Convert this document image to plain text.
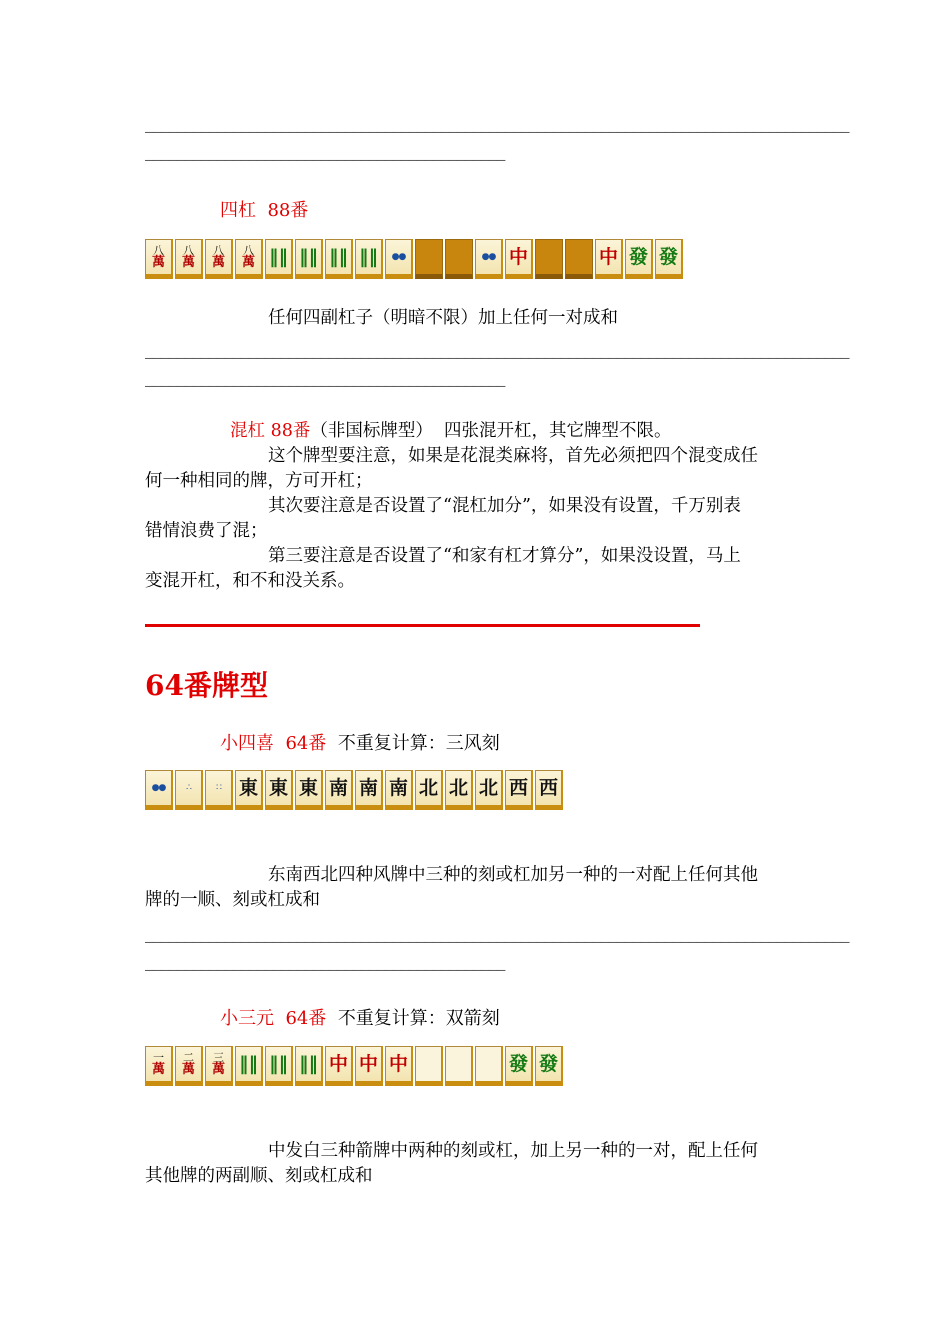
________________________________________________________________________________________
_____________________________________________
四杠 88番
八
萬
八
萬
八
萬
八
萬 ‖‖ ‖‖ ‖‖ ‖‖ ●●	●● 中	中 發 發
任何四副杠子（明暗不限）加上任何一对成和
________________________________________________________________________________________
_____________________________________________
混杠 88番（非国标牌型） 四张混开杠，其它牌型不限。
这个牌型要注意，如果是花混类麻将，首先必须把四个混变成任
何一种相同的牌，方可开杠；
其次要注意是否设置了“混杠加分”，如果没有设置，千万别表
错情浪费了混；
第三要注意是否设置了“和家有杠才算分”，如果没设置，马上
变混开杠，和不和没关系。
64番牌型
小四喜 64番 不重复计算：三风刻
●● ∴	∷ 東 東 東 南 南 南 北 北 北 西 西
东南西北四种风牌中三种的刻或杠加另一种的一对配上任何其他
牌的一顺、刻或杠成和
________________________________________________________________________________________
_____________________________________________
小三元 64番 不重复计算：双箭刻
一
萬
二
萬
三
萬 ‖‖ ‖‖ ‖‖ 中 中 中	發 發
中发白三种箭牌中两种的刻或杠，加上另一种的一对，配上任何
其他牌的两副顺、刻或杠成和
